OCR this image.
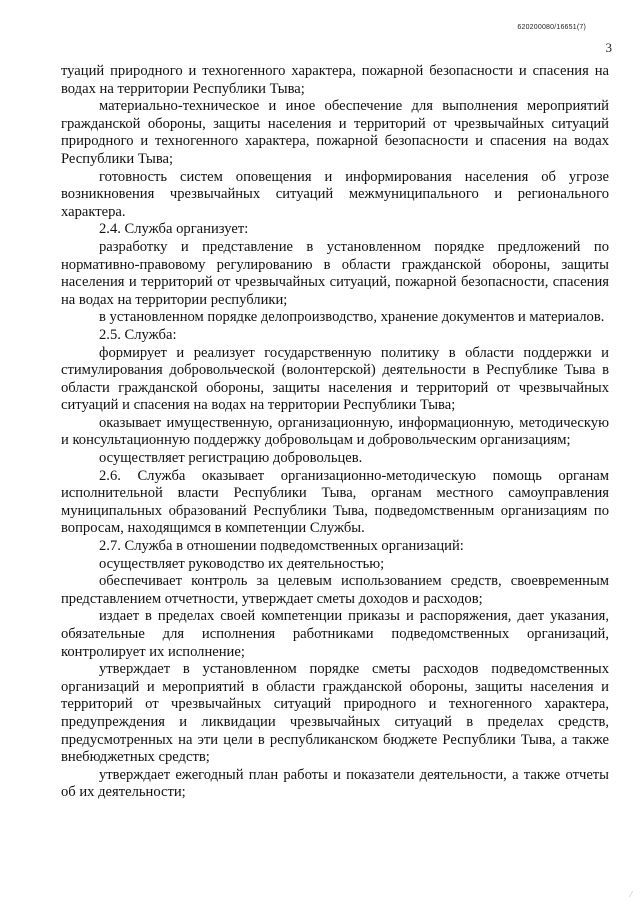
620200080/16651(7)
3

туаций природного и техногенного характера, пожарной безопасности и спасения на водах на территории Республики Тыва;

материально-техническое и иное обеспечение для выполнения мероприятий гражданской обороны, защиты населения и территорий от чрезвычайных ситуаций природного и техногенного характера, пожарной безопасности и спасения на водах Республики Тыва;

готовность систем оповещения и информирования населения об угрозе возникновения чрезвычайных ситуаций межмуниципального и регионального характера.

2.4. Служба организует:

разработку и представление в установленном порядке предложений по нормативно-правовому регулированию в области гражданской обороны, защиты населения и территорий от чрезвычайных ситуаций, пожарной безопасности, спасения на водах на территории республики;

в установленном порядке делопроизводство, хранение документов и материалов.

2.5. Служба:

формирует и реализует государственную политику в области поддержки и стимулирования добровольческой (волонтерской) деятельности в Республике Тыва в области гражданской обороны, защиты населения и территорий от чрезвычайных ситуаций и спасения на водах на территории Республики Тыва;

оказывает имущественную, организационную, информационную, методическую и консультационную поддержку добровольцам и добровольческим организациям;

осуществляет регистрацию добровольцев.

2.6. Служба оказывает организационно-методическую помощь органам исполнительной власти Республики Тыва, органам местного самоуправления муниципальных образований Республики Тыва, подведомственным организациям по вопросам, находящимся в компетенции Службы.

2.7. Служба в отношении подведомственных организаций:

осуществляет руководство их деятельностью;

обеспечивает контроль за целевым использованием средств, своевременным представлением отчетности, утверждает сметы доходов и расходов;

издает в пределах своей компетенции приказы и распоряжения, дает указания, обязательные для исполнения работниками подведомственных организаций, контролирует их исполнение;

утверждает в установленном порядке сметы расходов подведомственных организаций и мероприятий в области гражданской обороны, защиты населения и территорий от чрезвычайных ситуаций природного и техногенного характера, предупреждения и ликвидации чрезвычайных ситуаций в пределах средств, предусмотренных на эти цели в республиканском бюджете Республики Тыва, а также внебюджетных средств;

утверждает ежегодный план работы и показатели деятельности, а также отчеты об их деятельности;

⁄
